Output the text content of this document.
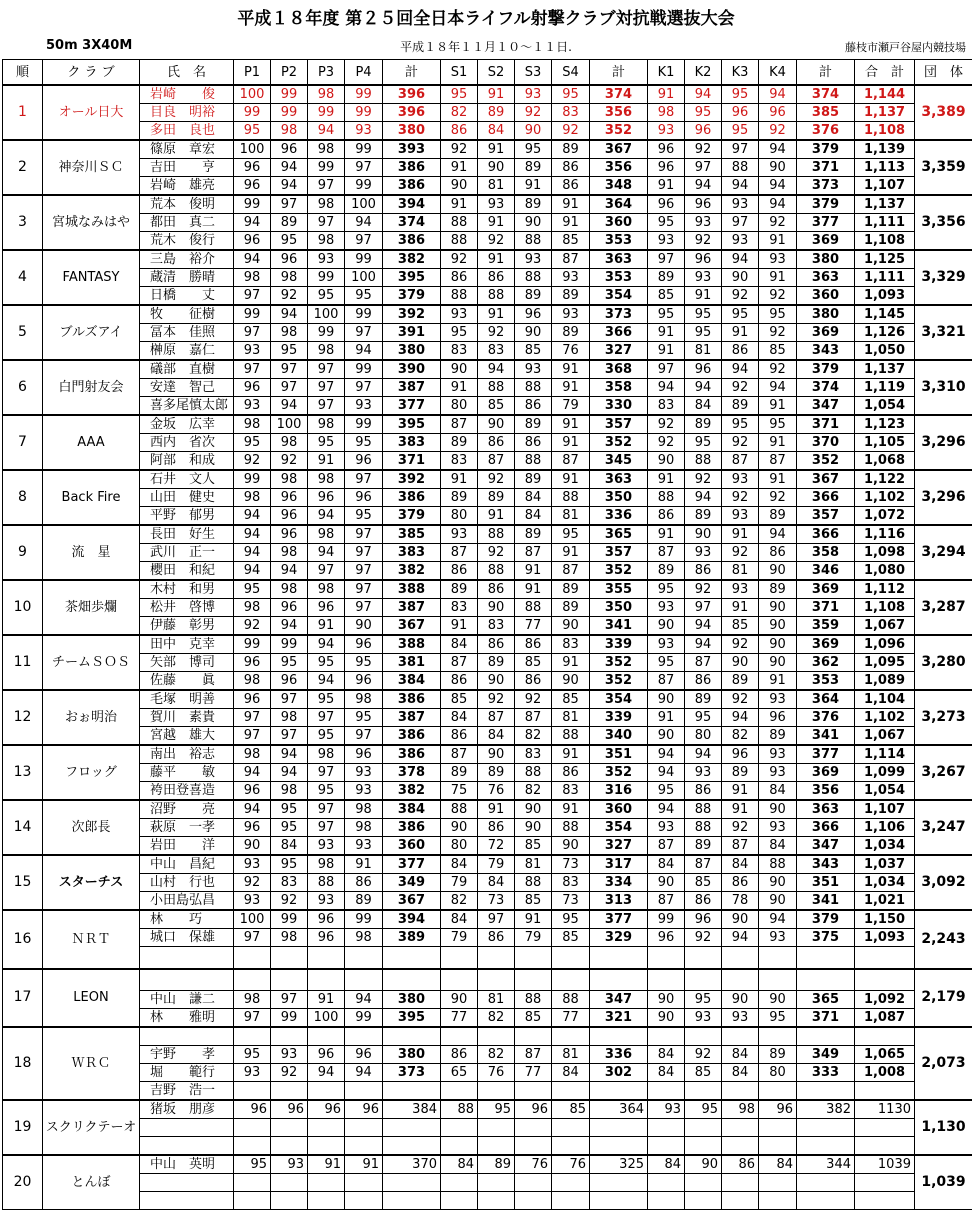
平成１８年度 第２５回全日本ライフル射撃クラブ対抗戦選抜大会
50m 3X40M	平成１８年１１月１０～１１日.	藤枝市瀬戸谷屋内競技場
順	ク ラ ブ	氏　名	P1	P2	P3	P4	計	S1	S2	S3	S4	計	K1	K2	K3	K4	計	合　計	団　体
1	オール日大	岩崎　　俊	100	99	98	99	396	95	91	93	95	374	91	94	95	94	374	1,144	3,389
		目良　明裕	99	99	99	99	396	82	89	92	83	356	98	95	96	96	385	1,137	
		多田　良也	95	98	94	93	380	86	84	90	92	352	93	96	95	92	376	1,108	
2	神奈川ＳＣ	篠原　章宏	100	96	98	99	393	92	91	95	89	367	96	92	97	94	379	1,139	3,359
		吉田　　亨	96	94	99	97	386	91	90	89	86	356	96	97	88	90	371	1,113	
		岩崎　雄亮	96	94	97	99	386	90	81	91	86	348	91	94	94	94	373	1,107	
3	宮城なみはや	荒本　俊明	99	97	98	100	394	91	93	89	91	364	96	96	93	94	379	1,137	3,356
		都田　真二	94	89	97	94	374	88	91	90	91	360	95	93	97	92	377	1,111	
		荒木　俊行	96	95	98	97	386	88	92	88	85	353	93	92	93	91	369	1,108	
4	FANTASY	三島　裕介	94	96	93	99	382	92	91	93	87	363	97	96	94	93	380	1,125	3,329
		蔵清　勝晴	98	98	99	100	395	86	86	88	93	353	89	93	90	91	363	1,111	
		日橋　　丈	97	92	95	95	379	88	88	89	89	354	85	91	92	92	360	1,093	
5	ブルズアイ	牧　　征樹	99	94	100	99	392	93	91	96	93	373	95	95	95	95	380	1,145	3,321
		冨本　佳照	97	98	99	97	391	95	92	90	89	366	91	95	91	92	369	1,126	
		榊原　嘉仁	93	95	98	94	380	83	83	85	76	327	91	81	86	85	343	1,050	
6	白門射友会	礒部　直樹	97	97	97	99	390	90	94	93	91	368	97	96	94	92	379	1,137	3,310
		安達　智己	96	97	97	97	387	91	88	88	91	358	94	94	92	94	374	1,119	
		喜多尾慎太郎	93	94	97	93	377	80	85	86	79	330	83	84	89	91	347	1,054	
7	AAA	金坂　広幸	98	100	98	99	395	87	90	89	91	357	92	89	95	95	371	1,123	3,296
		西内　省次	95	98	95	95	383	89	86	86	91	352	92	95	92	91	370	1,105	
		阿部　和成	92	92	91	96	371	83	87	88	87	345	90	88	87	87	352	1,068	
8	Back Fire	石井　文人	99	98	98	97	392	91	92	89	91	363	91	92	93	91	367	1,122	3,296
		山田　健史	98	96	96	96	386	89	89	84	88	350	88	94	92	92	366	1,102	
		平野　郁男	94	96	94	95	379	80	91	84	81	336	86	89	93	89	357	1,072	
9	流　星	長田　好生	94	96	98	97	385	93	88	89	95	365	91	90	91	94	366	1,116	3,294
		武川　正一	94	98	94	97	383	87	92	87	91	357	87	93	92	86	358	1,098	
		櫻田　和紀	94	94	97	97	382	86	88	91	87	352	89	86	81	90	346	1,080	
10	茶畑歩爛	木村　和男	95	98	98	97	388	89	86	91	89	355	95	92	93	89	369	1,112	3,287
		松井　啓博	98	96	96	97	387	83	90	88	89	350	93	97	91	90	371	1,108	
		伊藤　彰男	92	94	91	90	367	91	83	77	90	341	90	94	85	90	359	1,067	
11	チームＳＯＳ	田中　克幸	99	99	94	96	388	84	86	86	83	339	93	94	92	90	369	1,096	3,280
		矢部　博司	96	95	95	95	381	87	89	85	91	352	95	87	90	90	362	1,095	
		佐藤　　眞	98	96	94	96	384	86	90	86	90	352	87	86	89	91	353	1,089	
12	おぉ明治	毛塚　明善	96	97	95	98	386	85	92	92	85	354	90	89	92	93	364	1,104	3,273
		賀川　素貴	97	98	97	95	387	84	87	87	81	339	91	95	94	96	376	1,102	
		宮越　雄大	97	97	95	97	386	86	84	82	88	340	90	80	82	89	341	1,067	
13	フロッグ	南出　裕志	98	94	98	96	386	87	90	83	91	351	94	94	96	93	377	1,114	3,267
		藤平　　敏	94	94	97	93	378	89	89	88	86	352	94	93	89	93	369	1,099	
		袴田登喜造	96	98	95	93	382	75	76	82	83	316	95	86	91	84	356	1,054	
14	次郎長	沼野　　亮	94	95	97	98	384	88	91	90	91	360	94	88	91	90	363	1,107	3,247
		萩原　一孝	96	95	97	98	386	90	86	90	88	354	93	88	92	93	366	1,106	
		岩田　　洋	90	84	93	93	360	80	72	85	90	327	87	89	87	84	347	1,034	
15	スターチス	中山　昌紀	93	95	98	91	377	84	79	81	73	317	84	87	84	88	343	1,037	3,092
		山村　行也	92	83	88	86	349	79	84	88	83	334	90	85	86	90	351	1,034	
		小田島弘昌	93	92	93	89	367	82	73	85	73	313	87	86	78	90	341	1,021	
16	ＮＲＴ	林　　巧	100	99	96	99	394	84	97	91	95	377	99	96	90	94	379	1,150	2,243
		城口　保雄	97	98	96	98	389	79	86	79	85	329	96	92	94	93	375	1,093	

17	LEON																		2,179
		中山　謙二	98	97	91	94	380	90	81	88	88	347	90	95	90	90	365	1,092	
		林　　雅明	97	99	100	99	395	77	82	85	77	321	90	93	93	95	371	1,087	
18	ＷＲＣ																		2,073
		宇野　　孝	95	93	96	96	380	86	82	87	81	336	84	92	84	89	349	1,065	
		堀　　範行	93	92	94	94	373	65	76	77	84	302	84	85	84	80	333	1,008	
		吉野　浩一																	
19	スクリクテーオ	猪坂　朋彦	96	96	96	96	384	88	95	96	85	364	93	95	98	96	382	1130	1,130

20	とんぼ	中山　英明	95	93	91	91	370	84	89	76	76	325	84	90	86	84	344	1039	1,039
